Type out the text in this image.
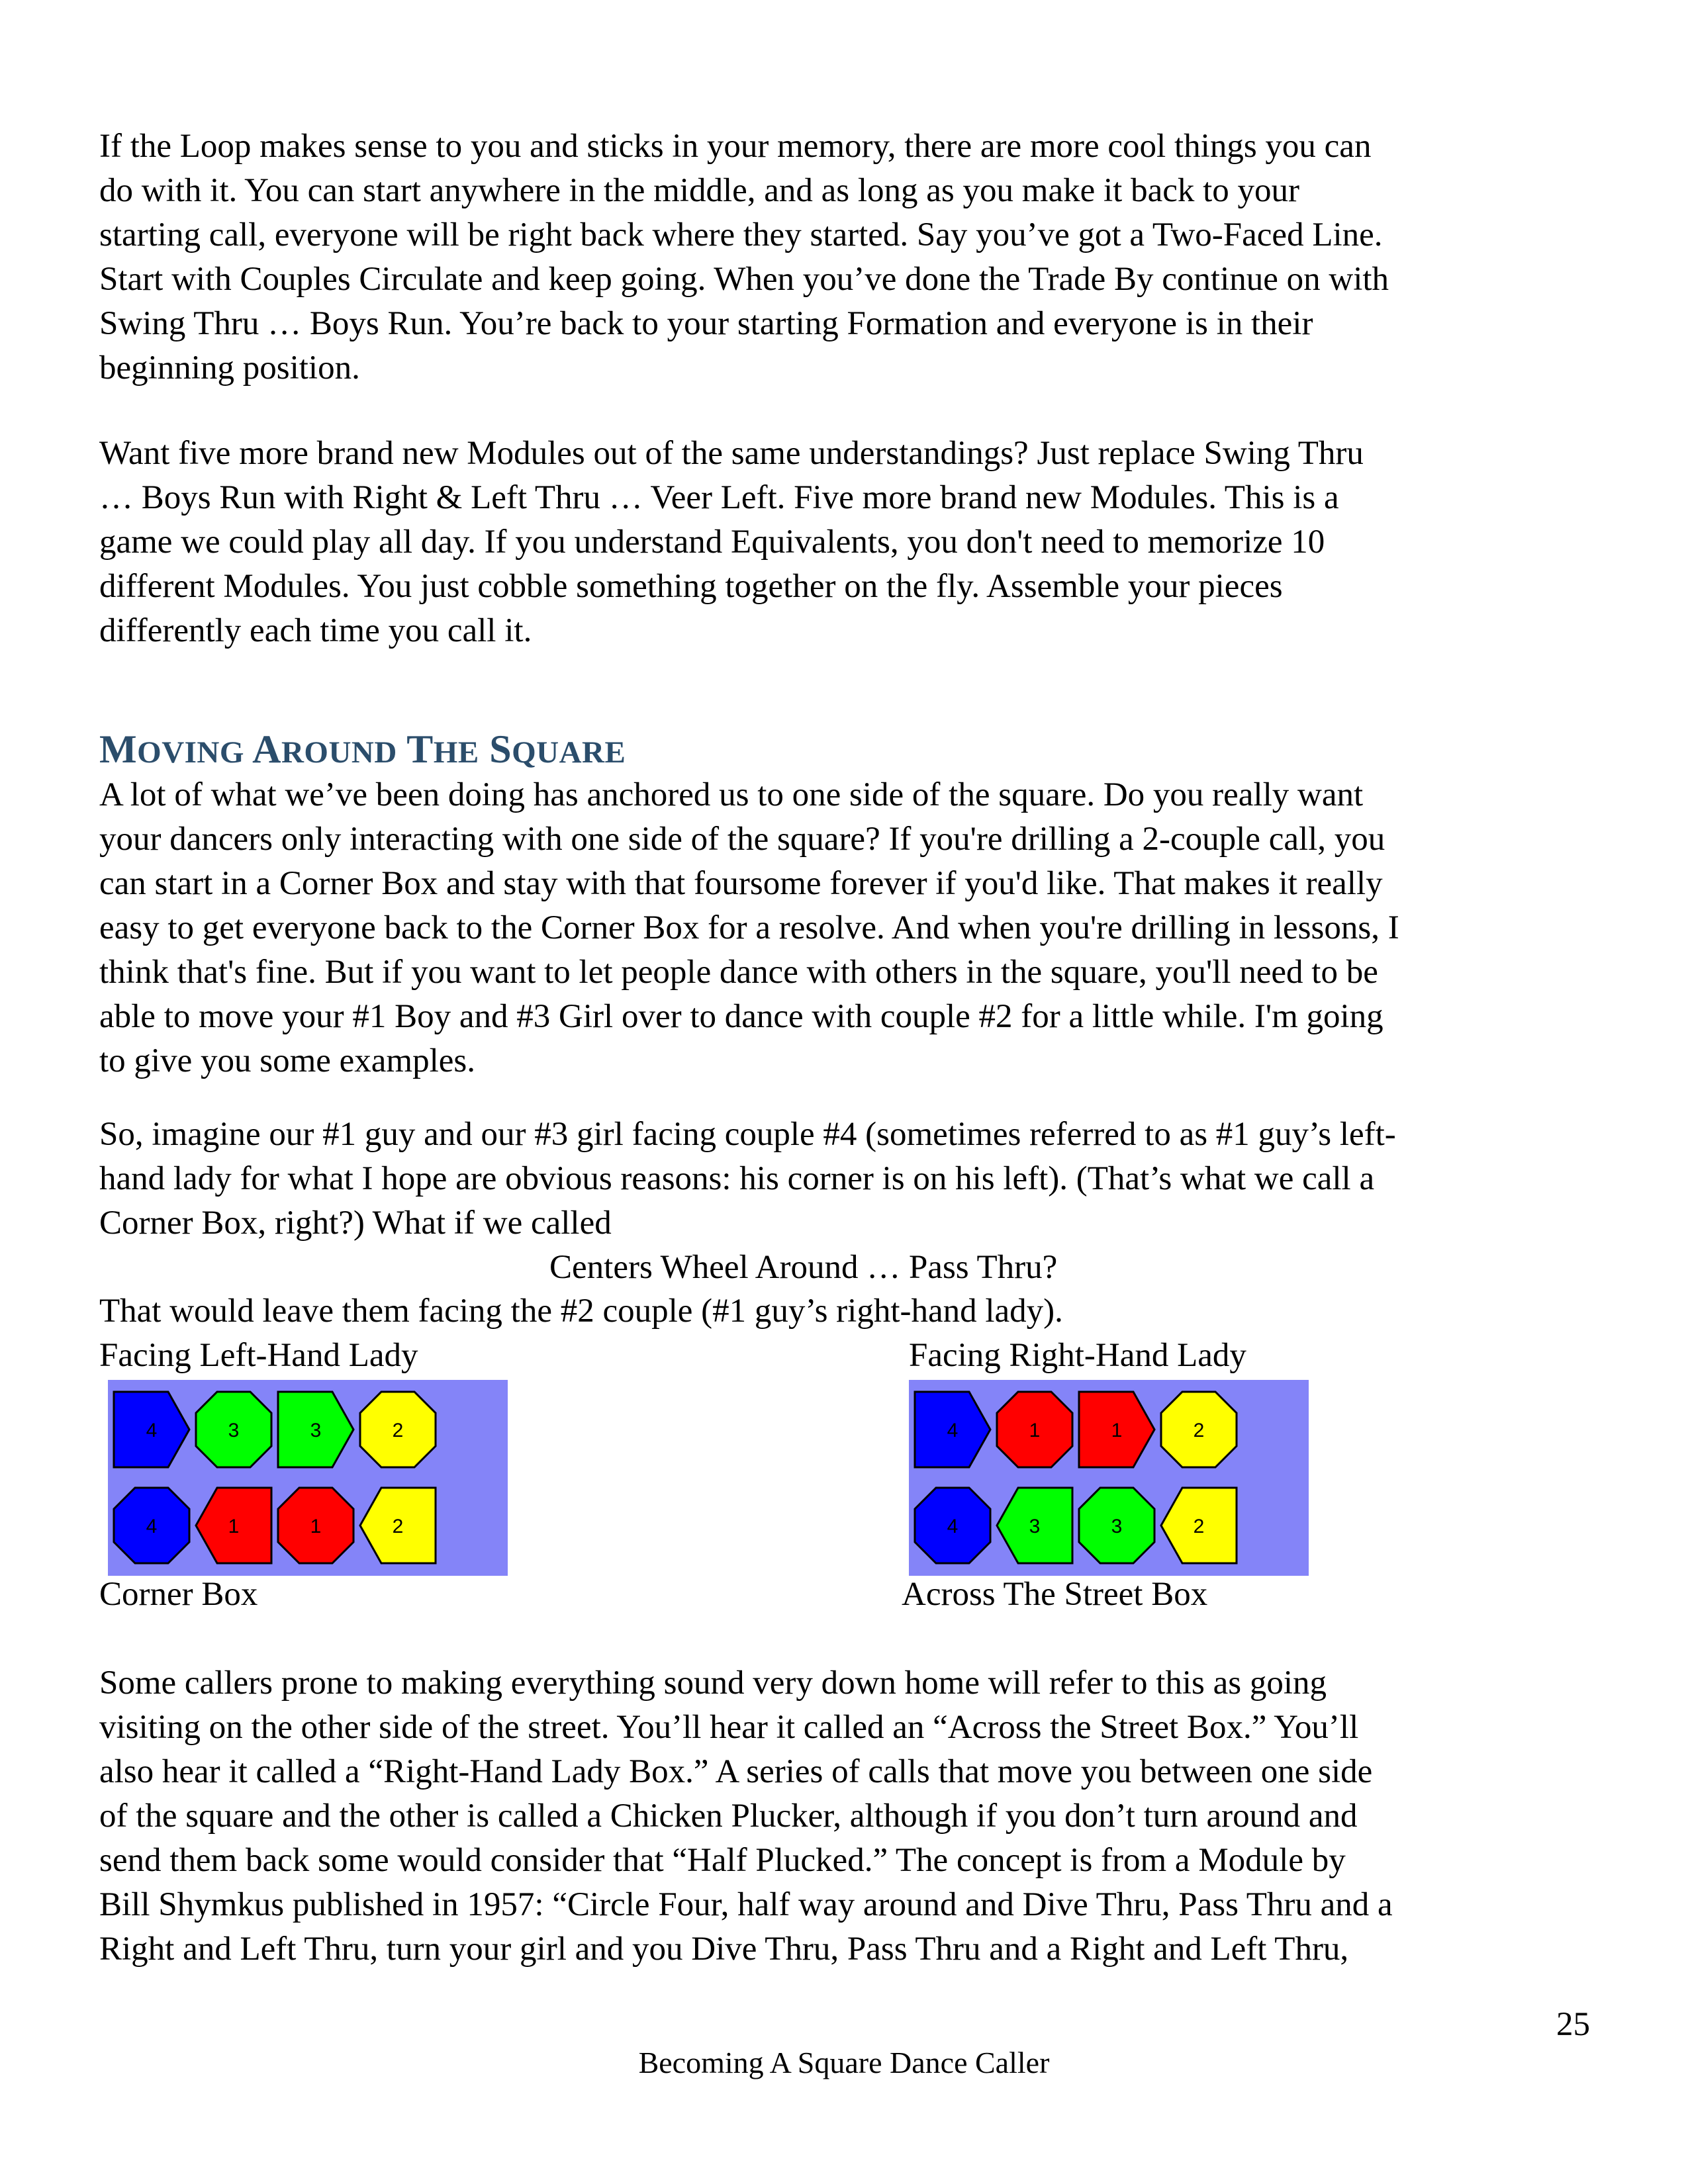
If the Loop makes sense to you and sticks in your memory, there are more cool things you can
do with it. You can start anywhere in the middle, and as long as you make it back to your
starting call, everyone will be right back where they started. Say you’ve got a Two-Faced Line.
Start with Couples Circulate and keep going. When you’ve done the Trade By continue on with
Swing Thru … Boys Run. You’re back to your starting Formation and everyone is in their
beginning position.
Want five more brand new Modules out of the same understandings? Just replace Swing Thru
… Boys Run with Right & Left Thru … Veer Left. Five more brand new Modules. This is a
game we could play all day. If you understand Equivalents, you don't need to memorize 10
different Modules. You just cobble something together on the fly. Assemble your pieces
differently each time you call it.
MOVING AROUND THE SQUARE
A lot of what we’ve been doing has anchored us to one side of the square. Do you really want
your dancers only interacting with one side of the square? If you're drilling a 2-couple call, you
can start in a Corner Box and stay with that foursome forever if you'd like. That makes it really
easy to get everyone back to the Corner Box for a resolve. And when you're drilling in lessons, I
think that's fine. But if you want to let people dance with others in the square, you'll need to be
able to move your #1 Boy and #3 Girl over to dance with couple #2 for a little while. I'm going
to give you some examples.
So, imagine our #1 guy and our #3 girl facing couple #4 (sometimes referred to as #1 guy’s left-
hand lady for what I hope are obvious reasons: his corner is on his left). (That’s what we call a
Corner Box, right?) What if we called
Centers Wheel Around … Pass Thru?
That would leave them facing the #2 couple (#1 guy’s right-hand lady).
Facing Left-Hand Lady	Facing Right-Hand Lady
4	3	3	2
4	1	1	2
4	1	1	2
4	3	3	2
Corner Box	Across The Street Box
Some callers prone to making everything sound very down home will refer to this as going
visiting on the other side of the street. You’ll hear it called an “Across the Street Box.” You’ll
also hear it called a “Right-Hand Lady Box.” A series of calls that move you between one side
of the square and the other is called a Chicken Plucker, although if you don’t turn around and
send them back some would consider that “Half Plucked.” The concept is from a Module by
Bill Shymkus published in 1957: “Circle Four, half way around and Dive Thru, Pass Thru and a
Right and Left Thru, turn your girl and you Dive Thru, Pass Thru and a Right and Left Thru,
25
Becoming A Square Dance Caller
